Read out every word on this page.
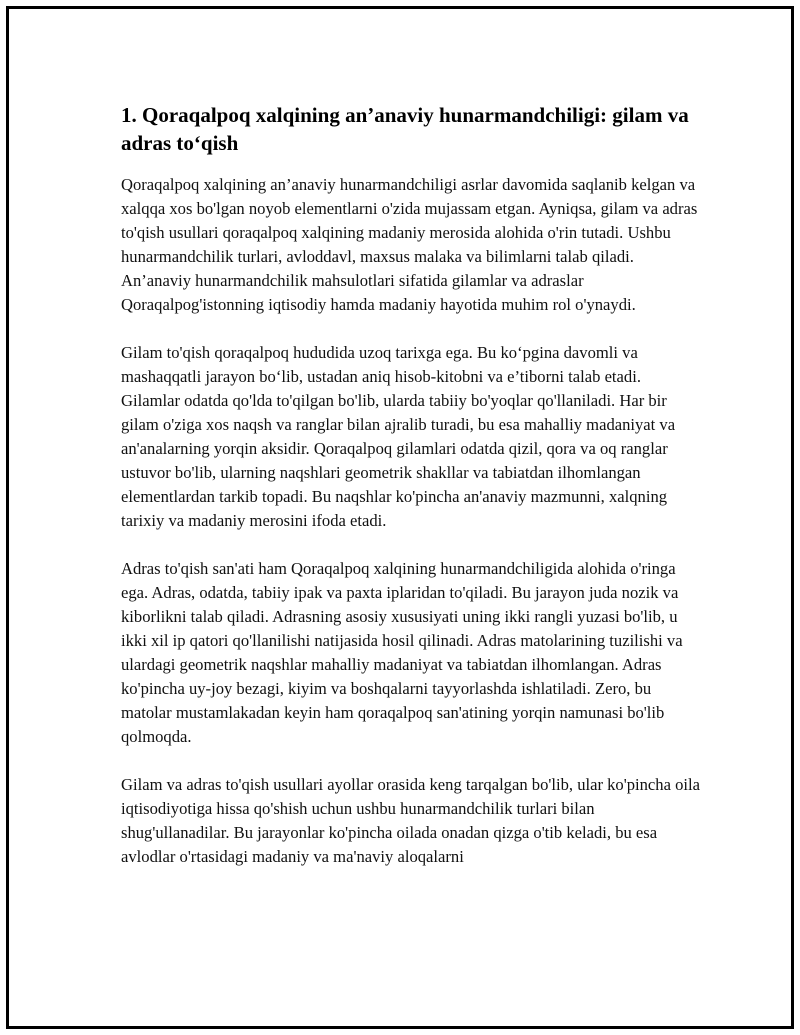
1. Qoraqalpoq xalqining an’anaviy hunarmandchiligi: gilam va adras to‘qish

Qoraqalpoq xalqining an’anaviy hunarmandchiligi asrlar davomida saqlanib kelgan va xalqqa xos bo'lgan noyob elementlarni o'zida mujassam etgan. Ayniqsa, gilam va adras to'qish usullari qoraqalpoq xalqining madaniy merosida alohida o'rin tutadi. Ushbu hunarmandchilik turlari, avloddavl, maxsus malaka va bilimlarni talab qiladi. An’anaviy hunarmandchilik mahsulotlari sifatida gilamlar va adraslar Qoraqalpog'istonning iqtisodiy hamda madaniy hayotida muhim rol o'ynaydi.

Gilam to'qish qoraqalpoq hududida uzoq tarixga ega. Bu ko‘pgina davomli va mashaqqatli jarayon bo‘lib, ustadan aniq hisob-kitobni va e’tiborni talab etadi. Gilamlar odatda qo'lda to'qilgan bo'lib, ularda tabiiy bo'yoqlar qo'llaniladi. Har bir gilam o'ziga xos naqsh va ranglar bilan ajralib turadi, bu esa mahalliy madaniyat va an'analarning yorqin aksidir. Qoraqalpoq gilamlari odatda qizil, qora va oq ranglar ustuvor bo'lib, ularning naqshlari geometrik shakllar va tabiatdan ilhomlangan elementlardan tarkib topadi. Bu naqshlar ko'pincha an'anaviy mazmunni, xalqning tarixiy va madaniy merosini ifoda etadi.

Adras to'qish san'ati ham Qoraqalpoq xalqining hunarmandchiligida alohida o'ringa ega. Adras, odatda, tabiiy ipak va paxta iplaridan to'qiladi. Bu jarayon juda nozik va kiborlikni talab qiladi. Adrasning asosiy xususiyati uning ikki rangli yuzasi bo'lib, u ikki xil ip qatori qo'llanilishi natijasida hosil qilinadi. Adras matolarining tuzilishi va ulardagi geometrik naqshlar mahalliy madaniyat va tabiatdan ilhomlangan. Adras ko'pincha uy-joy bezagi, kiyim va boshqalarni tayyorlashda ishlatiladi. Zero, bu matolar mustamlakadan keyin ham qoraqalpoq san'atining yorqin namunasi bo'lib qolmoqda.

Gilam va adras to'qish usullari ayollar orasida keng tarqalgan bo'lib, ular ko'pincha oila iqtisodiyotiga hissa qo'shish uchun ushbu hunarmandchilik turlari bilan shug'ullanadilar. Bu jarayonlar ko'pincha oilada onadan qizga o'tib keladi, bu esa avlodlar o'rtasidagi madaniy va ma'naviy aloqalarni
